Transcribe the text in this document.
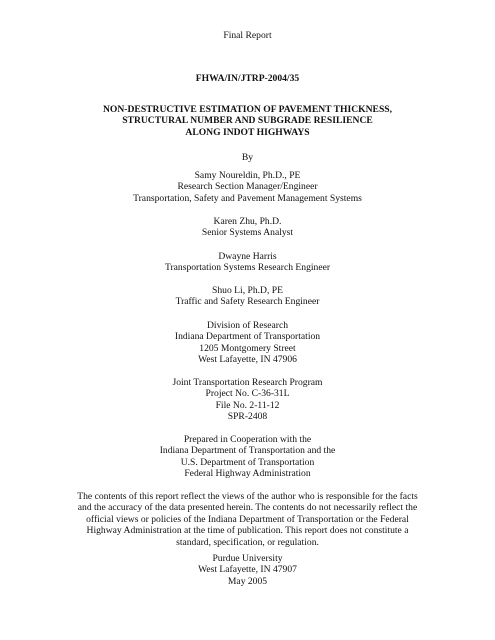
Final Report
FHWA/IN/JTRP-2004/35
NON-DESTRUCTIVE ESTIMATION OF PAVEMENT THICKNESS,
STRUCTURAL NUMBER AND SUBGRADE RESILIENCE
ALONG INDOT HIGHWAYS
By
Samy Noureldin, Ph.D., PE
Research Section Manager/Engineer
Transportation, Safety and Pavement Management Systems
Karen Zhu, Ph.D.
Senior Systems Analyst
Dwayne Harris
Transportation Systems Research Engineer
Shuo Li, Ph.D, PE
Traffic and Safety Research Engineer
Division of Research
Indiana Department of Transportation
1205 Montgomery Street
West Lafayette, IN 47906
Joint Transportation Research Program
Project No. C-36-31L
File No. 2-11-12
SPR-2408
Prepared in Cooperation with the
Indiana Department of Transportation and the
U.S. Department of Transportation
Federal Highway Administration
The contents of this report reflect the views of the author who is responsible for the facts
and the accuracy of the data presented herein. The contents do not necessarily reflect the
official views or policies of the Indiana Department of Transportation or the Federal
Highway Administration at the time of publication. This report does not constitute a
standard, specification, or regulation.
Purdue University
West Lafayette, IN 47907
May 2005
